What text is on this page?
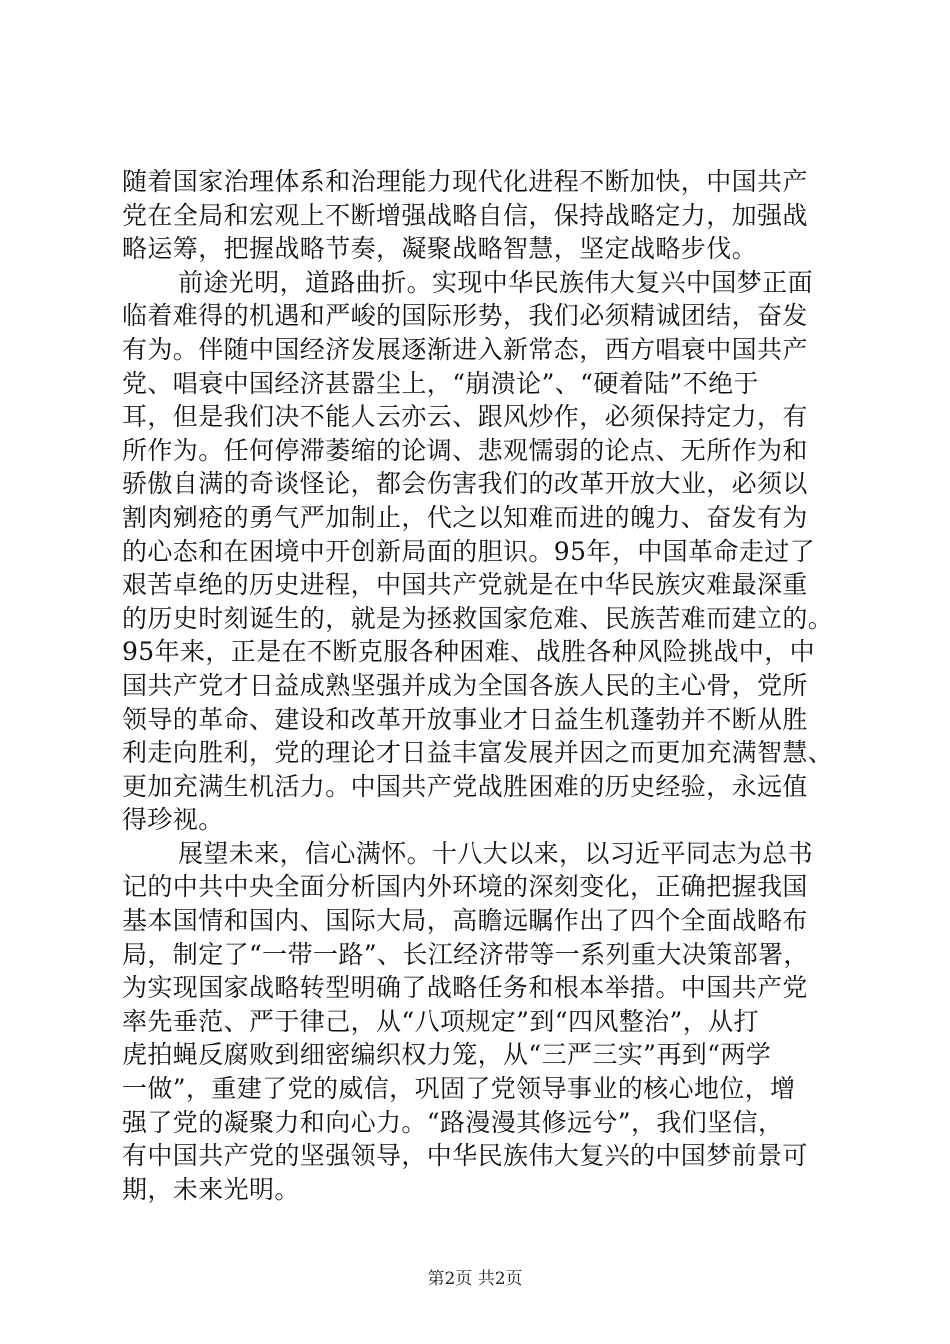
随着国家治理体系和治理能力现代化进程不断加快，中国共产
党在全局和宏观上不断增强战略自信，保持战略定力，加强战
略运筹，把握战略节奏，凝聚战略智慧，坚定战略步伐。
前途光明，道路曲折。实现中华民族伟大复兴中国梦正面
临着难得的机遇和严峻的国际形势，我们必须精诚团结，奋发
有为。伴随中国经济发展逐渐进入新常态，西方唱衰中国共产
党、唱衰中国经济甚嚣尘上，“崩溃论”、“硬着陆”不绝于
耳，但是我们决不能人云亦云、跟风炒作，必须保持定力，有
所作为。任何停滞萎缩的论调、悲观懦弱的论点、无所作为和
骄傲自满的奇谈怪论，都会伤害我们的改革开放大业，必须以
割肉剜疮的勇气严加制止，代之以知难而进的魄力、奋发有为
的心态和在困境中开创新局面的胆识。95年，中国革命走过了
艰苦卓绝的历史进程，中国共产党就是在中华民族灾难最深重
的历史时刻诞生的，就是为拯救国家危难、民族苦难而建立的。
95年来，正是在不断克服各种困难、战胜各种风险挑战中，中
国共产党才日益成熟坚强并成为全国各族人民的主心骨，党所
领导的革命、建设和改革开放事业才日益生机蓬勃并不断从胜
利走向胜利，党的理论才日益丰富发展并因之而更加充满智慧、
更加充满生机活力。中国共产党战胜困难的历史经验，永远值
得珍视。
展望未来，信心满怀。十八大以来，以习近平同志为总书
记的中共中央全面分析国内外环境的深刻变化，正确把握我国
基本国情和国内、国际大局，高瞻远瞩作出了四个全面战略布
局，制定了“一带一路”、长江经济带等一系列重大决策部署，
为实现国家战略转型明确了战略任务和根本举措。中国共产党
率先垂范、严于律己，从“八项规定”到“四风整治”，从打
虎拍蝇反腐败到细密编织权力笼，从“三严三实”再到“两学
一做”，重建了党的威信，巩固了党领导事业的核心地位，增
强了党的凝聚力和向心力。“路漫漫其修远兮”，我们坚信，
有中国共产党的坚强领导，中华民族伟大复兴的中国梦前景可
期，未来光明。
第2页 共2页
